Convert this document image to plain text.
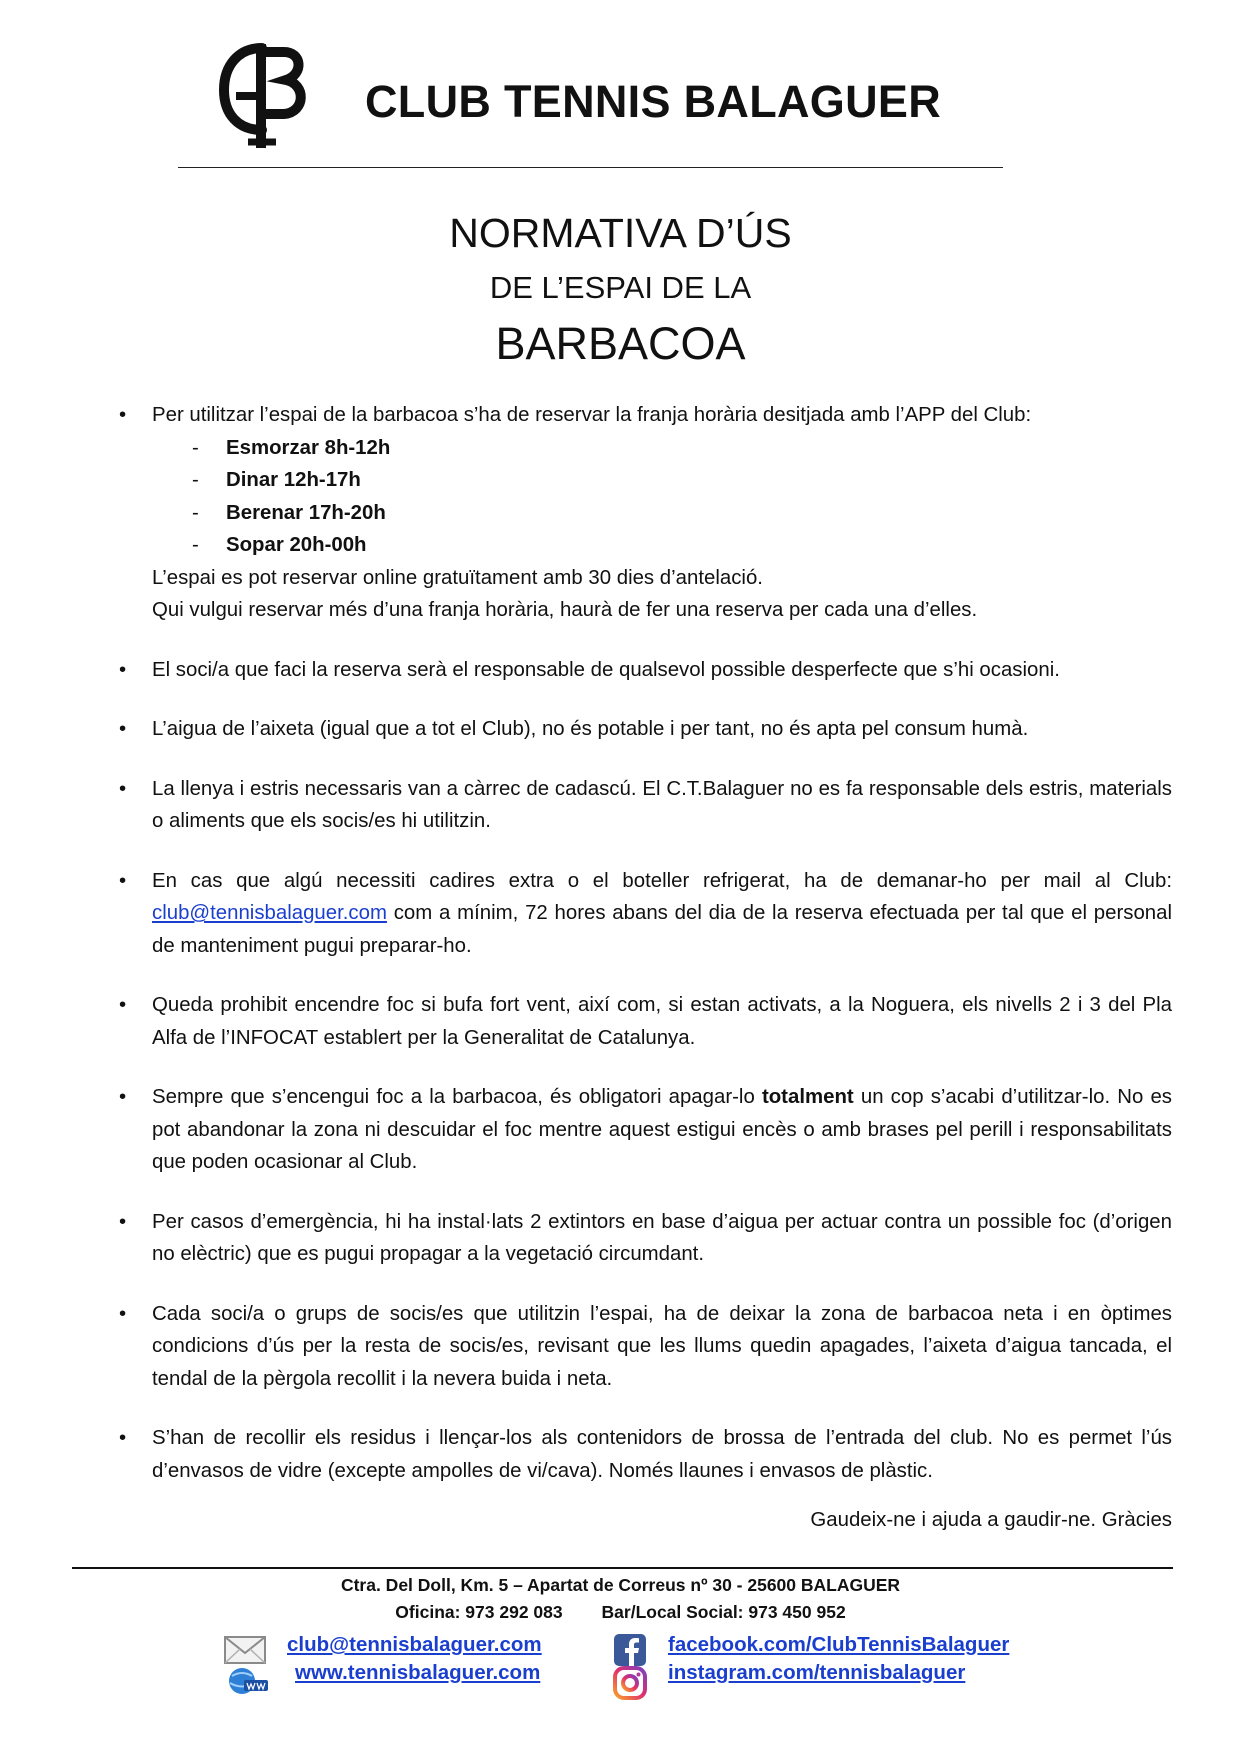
CLUB TENNIS BALAGUER
NORMATIVA D’ÚS
DE L’ESPAI DE LA
BARBACOA
• Per utilitzar l’espai de la barbacoa s’ha de reservar la franja horària desitjada amb l’APP del Club:
- Esmorzar 8h-12h
- Dinar 12h-17h
- Berenar 17h-20h
- Sopar 20h-00h
L’espai es pot reservar online gratuïtament amb 30 dies d’antelació.
Qui vulgui reservar més d’una franja horària, haurà de fer una reserva per cada una d’elles.
• El soci/a que faci la reserva serà el responsable de qualsevol possible desperfecte que s’hi ocasioni.
• L’aigua de l’aixeta (igual que a tot el Club), no és potable i per tant, no és apta pel consum humà.
• La llenya i estris necessaris van a càrrec de cadascú. El C.T.Balaguer no es fa responsable dels estris, materials o aliments que els socis/es hi utilitzin.
• En cas que algú necessiti cadires extra o el boteller refrigerat, ha de demanar-ho per mail al Club: club@tennisbalaguer.com com a mínim, 72 hores abans del dia de la reserva efectuada per tal que el personal de manteniment pugui preparar-ho.
• Queda prohibit encendre foc si bufa fort vent, així com, si estan activats, a la Noguera, els nivells 2 i 3 del Pla Alfa de l’INFOCAT establert per la Generalitat de Catalunya.
• Sempre que s’encengui foc a la barbacoa, és obligatori apagar-lo totalment un cop s’acabi d’utilitzar-lo. No es pot abandonar la zona ni descuidar el foc mentre aquest estigui encès o amb brases pel perill i responsabilitats que poden ocasionar al Club.
• Per casos d’emergència, hi ha instal·lats 2 extintors en base d’aigua per actuar contra un possible foc (d’origen no elèctric) que es pugui propagar a la vegetació circumdant.
• Cada soci/a o grups de socis/es que utilitzin l’espai, ha de deixar la zona de barbacoa neta i en òptimes condicions d’ús per la resta de socis/es, revisant que les llums quedin apagades, l’aixeta d’aigua tancada, el tendal de la pèrgola recollit i la nevera buida i neta.
• S’han de recollir els residus i llençar-los als contenidors de brossa de l’entrada del club. No es permet l’ús d’envasos de vidre (excepte ampolles de vi/cava). Només llaunes i envasos de plàstic.
Gaudeix-ne i ajuda a gaudir-ne. Gràcies
Ctra. Del Doll, Km. 5 – Apartat de Correus nº 30 - 25600 BALAGUER
Oficina: 973 292 083        Bar/Local Social: 973 450 952
club@tennisbalaguer.com
www.tennisbalaguer.com
facebook.com/ClubTennisBalaguer
instagram.com/tennisbalaguer
